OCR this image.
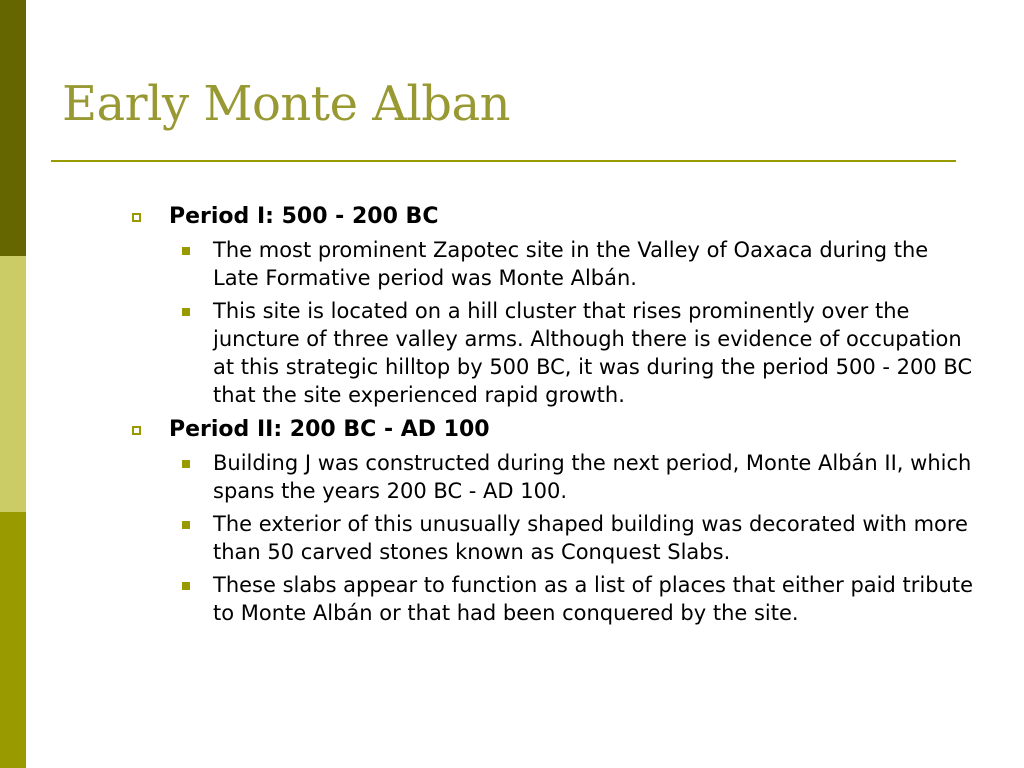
Early Monte Alban
Period I: 500 - 200 BC
The most prominent Zapotec site in the Valley of Oaxaca during the Late Formative period was Monte Albán.
This site is located on a hill cluster that rises prominently over the juncture of three valley arms. Although there is evidence of occupation at this strategic hilltop by 500 BC, it was during the period 500 - 200 BC that the site experienced rapid growth.
Period II: 200 BC - AD 100
Building J was constructed during the next period, Monte Albán II, which spans the years 200 BC - AD 100.
The exterior of this unusually shaped building was decorated with more than 50 carved stones known as Conquest Slabs.
These slabs appear to function as a list of places that either paid tribute to Monte Albán or that had been conquered by the site.
